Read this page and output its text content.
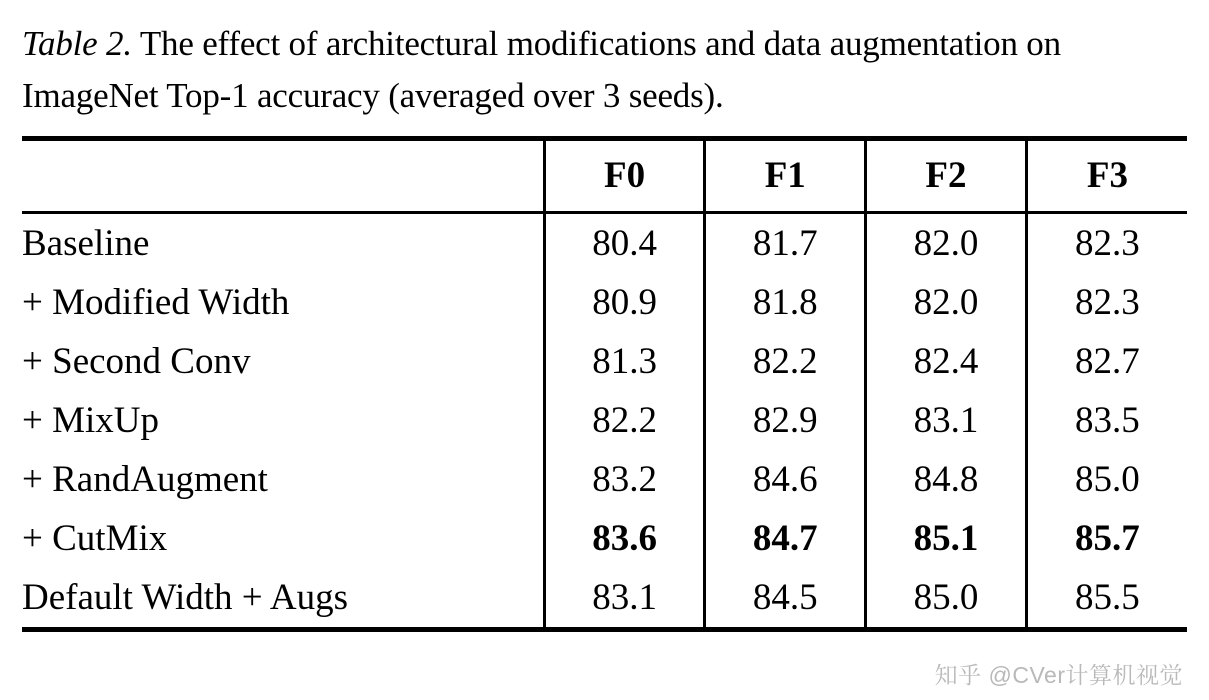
Table 2. The effect of architectural modifications and data augmentation on ImageNet Top-1 accuracy (averaged over 3 seeds).

	F0	F1	F2	F3

Baseline	80.4	81.7	82.0	82.3
+ Modified Width	80.9	81.8	82.0	82.3
+ Second Conv	81.3	82.2	82.4	82.7
+ MixUp	82.2	82.9	83.1	83.5
+ RandAugment	83.2	84.6	84.8	85.0
+ CutMix	83.6	84.7	85.1	85.7
Default Width + Augs	83.1	84.5	85.0	85.5

知乎 @CVer计算机视觉
